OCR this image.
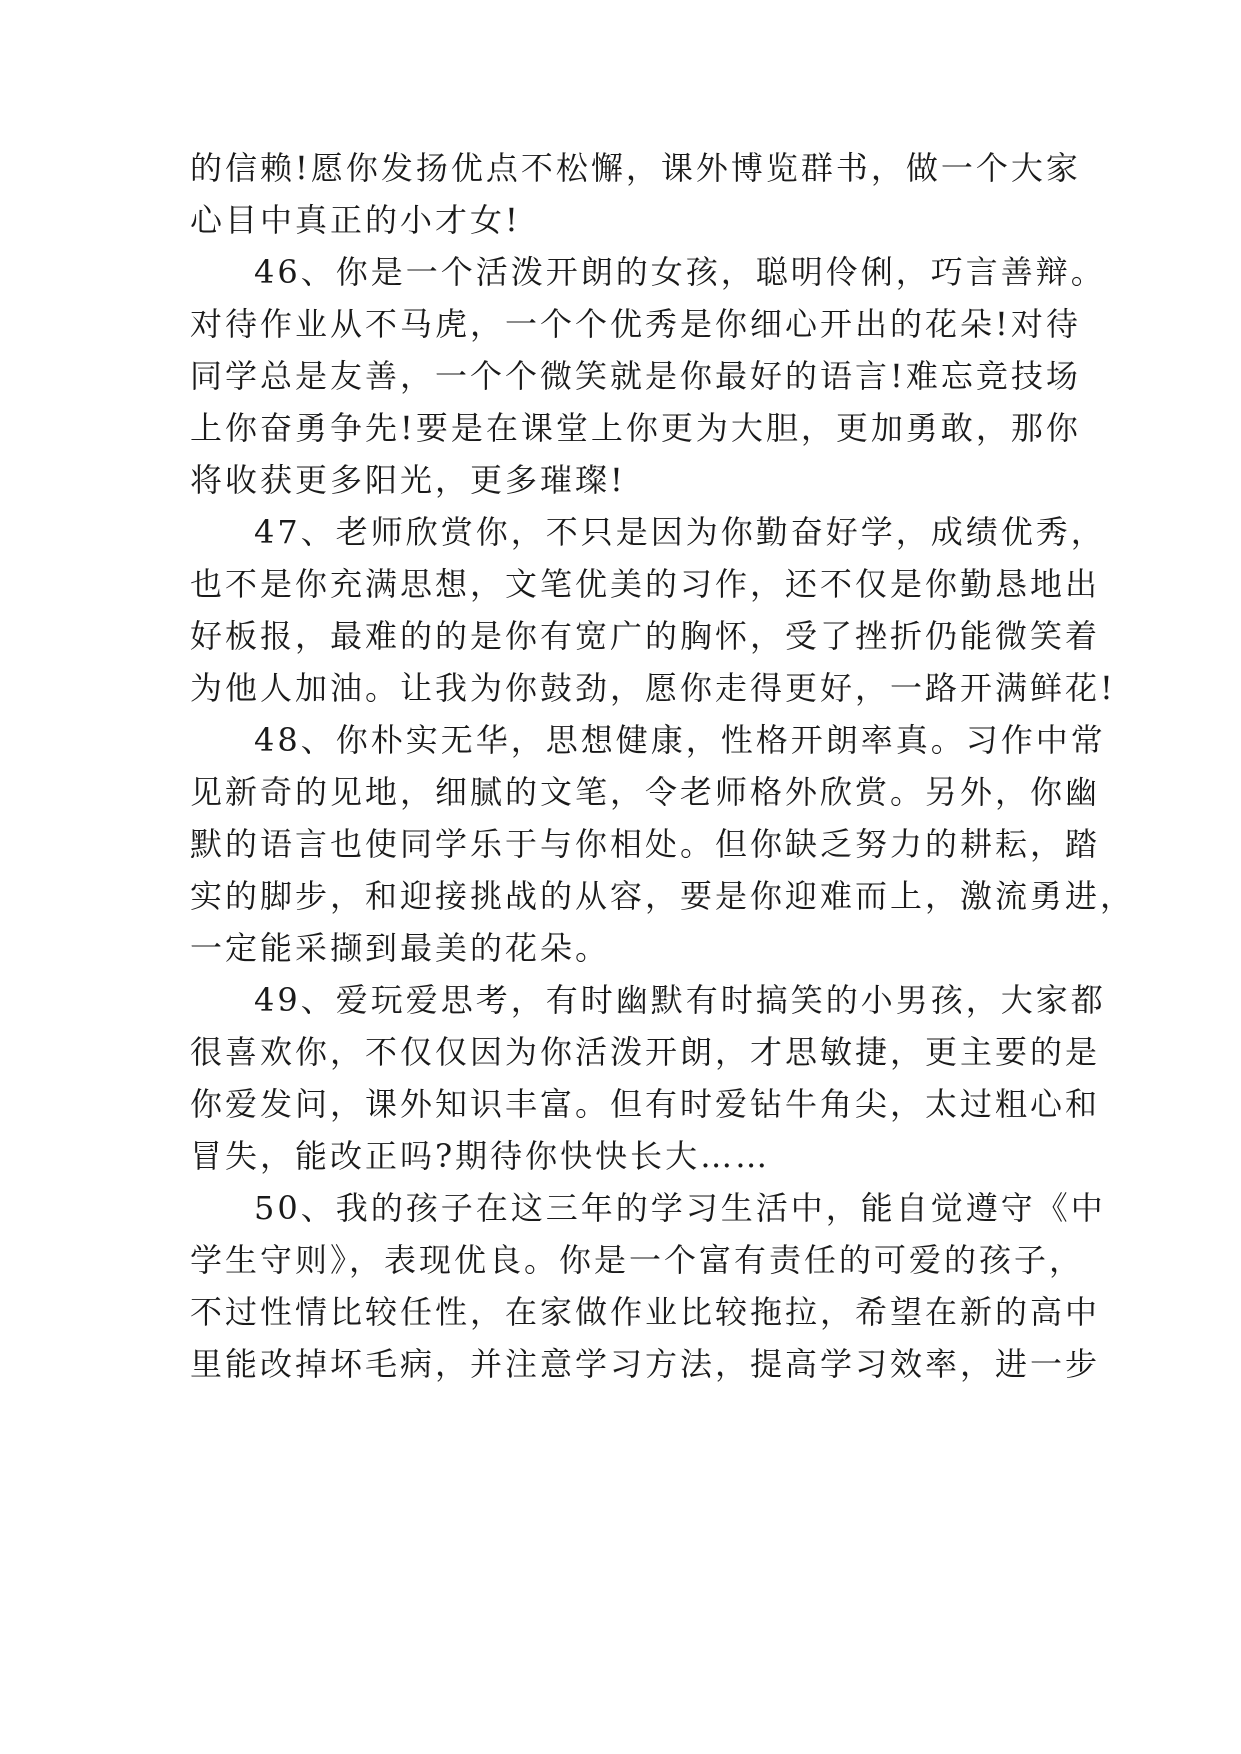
的信赖!愿你发扬优点不松懈，课外博览群书，做一个大家
心目中真正的小才女!
46、你是一个活泼开朗的女孩，聪明伶俐，巧言善辩。
对待作业从不马虎，一个个优秀是你细心开出的花朵!对待
同学总是友善，一个个微笑就是你最好的语言!难忘竞技场
上你奋勇争先!要是在课堂上你更为大胆，更加勇敢，那你
将收获更多阳光，更多璀璨!
47、老师欣赏你，不只是因为你勤奋好学，成绩优秀，
也不是你充满思想，文笔优美的习作，还不仅是你勤恳地出
好板报，最难的的是你有宽广的胸怀，受了挫折仍能微笑着
为他人加油。让我为你鼓劲，愿你走得更好，一路开满鲜花!
48、你朴实无华，思想健康，性格开朗率真。习作中常
见新奇的见地，细腻的文笔，令老师格外欣赏。另外，你幽
默的语言也使同学乐于与你相处。但你缺乏努力的耕耘，踏
实的脚步，和迎接挑战的从容，要是你迎难而上，激流勇进，
一定能采撷到最美的花朵。
49、爱玩爱思考，有时幽默有时搞笑的小男孩，大家都
很喜欢你，不仅仅因为你活泼开朗，才思敏捷，更主要的是
你爱发问，课外知识丰富。但有时爱钻牛角尖，太过粗心和
冒失，能改正吗?期待你快快长大……
50、我的孩子在这三年的学习生活中，能自觉遵守《中
学生守则》，表现优良。你是一个富有责任的可爱的孩子，
不过性情比较任性，在家做作业比较拖拉，希望在新的高中
里能改掉坏毛病，并注意学习方法，提高学习效率，进一步
